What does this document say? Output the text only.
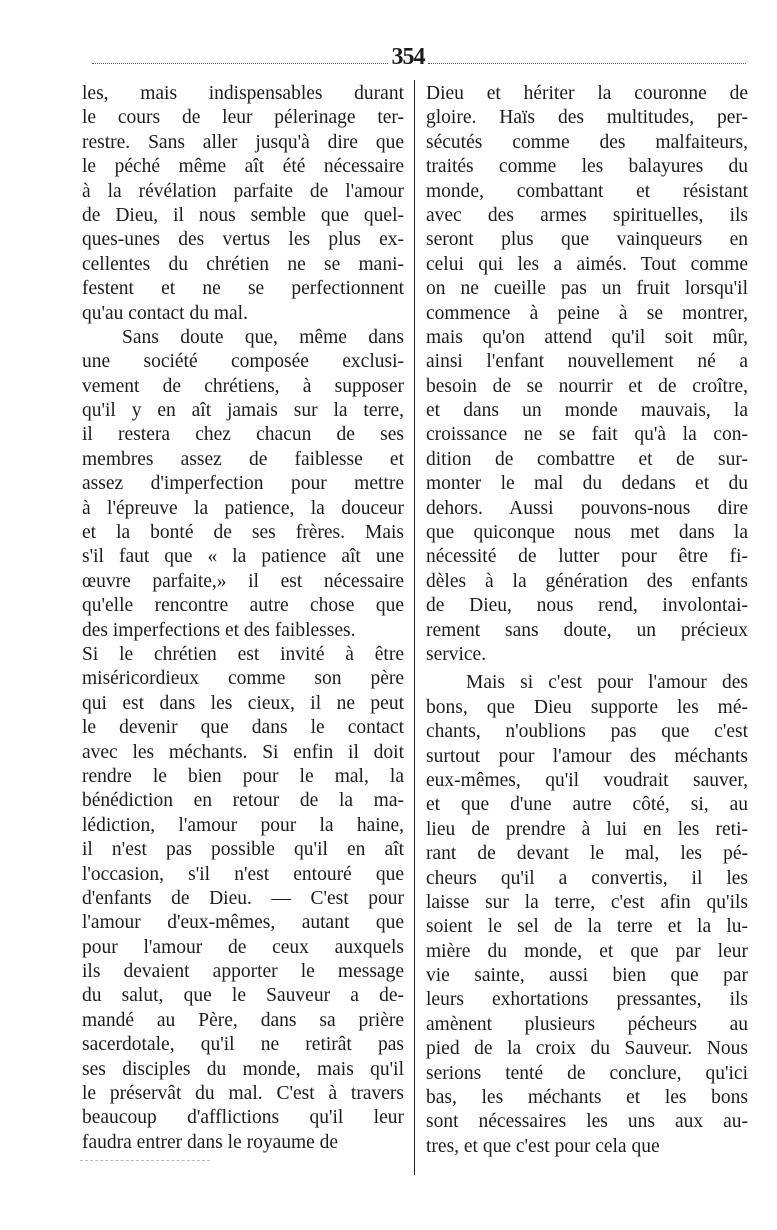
354
les, mais indispensables durant
le cours de leur pélerinage ter-
restre. Sans aller jusqu'à dire que
le péché même aît été nécessaire
à la révélation parfaite de l'amour
de Dieu, il nous semble que quel-
ques-unes des vertus les plus ex-
cellentes du chrétien ne se mani-
festent et ne se perfectionnent
qu'au contact du mal.
Sans doute que, même dans
une société composée exclusi-
vement de chrétiens, à supposer
qu'il y en aît jamais sur la terre,
il restera chez chacun de ses
membres assez de faiblesse et
assez d'imperfection pour mettre
à l'épreuve la patience, la douceur
et la bonté de ses frères. Mais
s'il faut que « la patience aît une
œuvre parfaite,» il est nécessaire
qu'elle rencontre autre chose que
des imperfections et des faiblesses.
Si le chrétien est invité à être
miséricordieux comme son père
qui est dans les cieux, il ne peut
le devenir que dans le contact
avec les méchants. Si enfin il doit
rendre le bien pour le mal, la
bénédiction en retour de la ma-
lédiction, l'amour pour la haine,
il n'est pas possible qu'il en aît
l'occasion, s'il n'est entouré que
d'enfants de Dieu. — C'est pour
l'amour d'eux-mêmes, autant que
pour l'amour de ceux auxquels
ils devaient apporter le message
du salut, que le Sauveur a de-
mandé au Père, dans sa prière
sacerdotale, qu'il ne retirât pas
ses disciples du monde, mais qu'il
le préservât du mal. C'est à travers
beaucoup d'afflictions qu'il leur
faudra entrer dans le royaume de
Dieu et hériter la couronne de
gloire. Haïs des multitudes, per-
sécutés comme des malfaiteurs,
traités comme les balayures du
monde, combattant et résistant
avec des armes spirituelles, ils
seront plus que vainqueurs en
celui qui les a aimés. Tout comme
on ne cueille pas un fruit lorsqu'il
commence à peine à se montrer,
mais qu'on attend qu'il soit mûr,
ainsi l'enfant nouvellement né a
besoin de se nourrir et de croître,
et dans un monde mauvais, la
croissance ne se fait qu'à la con-
dition de combattre et de sur-
monter le mal du dedans et du
dehors. Aussi pouvons-nous dire
que quiconque nous met dans la
nécessité de lutter pour être fi-
dèles à la génération des enfants
de Dieu, nous rend, involontai-
rement sans doute, un précieux
service.
Mais si c'est pour l'amour des
bons, que Dieu supporte les mé-
chants, n'oublions pas que c'est
surtout pour l'amour des méchants
eux-mêmes, qu'il voudrait sauver,
et que d'une autre côté, si, au
lieu de prendre à lui en les reti-
rant de devant le mal, les pé-
cheurs qu'il a convertis, il les
laisse sur la terre, c'est afin qu'ils
soient le sel de la terre et la lu-
mière du monde, et que par leur
vie sainte, aussi bien que par
leurs exhortations pressantes, ils
amènent plusieurs pécheurs au
pied de la croix du Sauveur. Nous
serions tenté de conclure, qu'ici
bas, les méchants et les bons
sont nécessaires les uns aux au-
tres, et que c'est pour cela que
